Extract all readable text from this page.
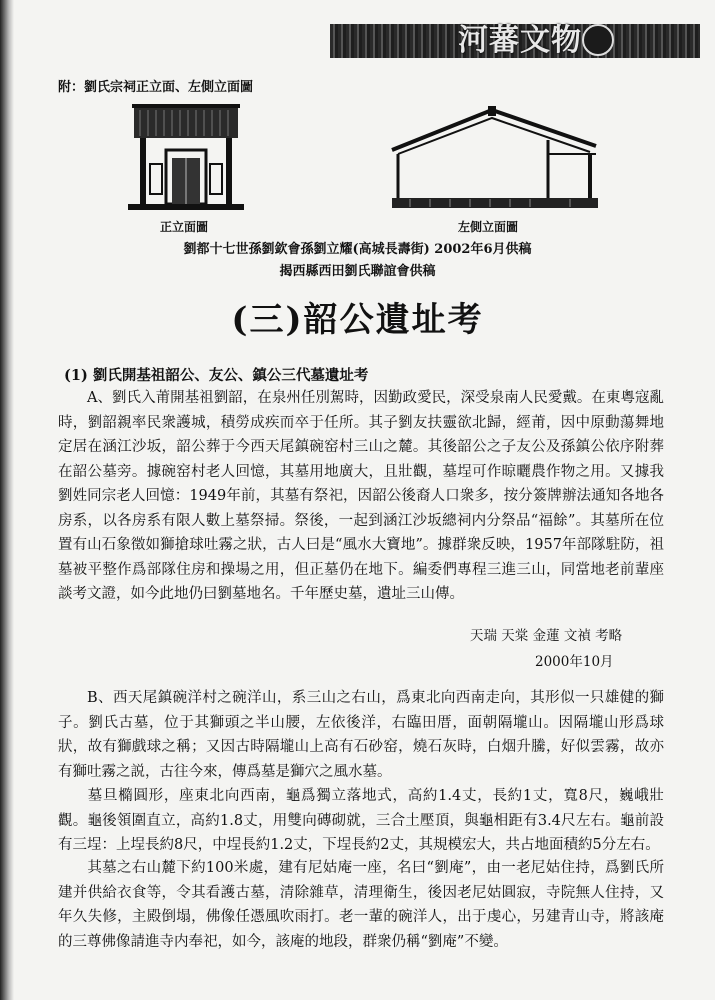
河蕃文物
附：劉氏宗祠正立面、左側立面圖
正立面圖	左側立面圖
劉都十七世孫劉欽會孫劉立耀(高城長壽街) 2002年6月供稿
揭西縣西田劉氏聯誼會供稿
(三)韶公遺址考
(1) 劉氏開基祖韶公、友公、鎮公三代墓遺址考

A、劉氏入莆開基祖劉韶，在泉州任別駕時，因勤政愛民，深受泉南人民愛戴。在東粵寇亂時，劉韶親率民衆護城，積勞成疾而卒于任所。其子劉友扶靈欲北歸，經莆，因中原動蕩舞地定居在涵江沙坂，韶公葬于今西天尾鎮碗窑村三山之麓。其後韶公之子友公及孫鎮公依序附葬在韶公墓旁。據碗窑村老人回憶，其墓用地廣大，且壯觀，墓埕可作晾曬農作物之用。又據我劉姓同宗老人回憶：1949年前，其墓有祭祀，因韶公後裔人口衆多，按分簽牌辦法通知各地各房系，以各房系有限人數上墓祭掃。祭後，一起到涵江沙坂總祠内分祭品“福餘”。其墓所在位置有山石象徵如獅搶球吐霧之狀，古人曰是“風水大寶地”。據群衆反映，1957年部隊駐防，祖墓被平整作爲部隊住房和操場之用，但正墓仍在地下。編委們專程三進三山，同當地老前輩座談考文證，如今此地仍曰劉墓地名。千年歷史墓，遺址三山傳。

天瑞 天棠 金蓮 文禎 考略
2000年10月

B、西天尾鎮碗洋村之碗洋山，系三山之右山，爲東北向西南走向，其形似一只雄健的獅子。劉氏古墓，位于其獅頭之半山腰，左依後洋，右臨田厝，面朝隔壠山。因隔壠山形爲球狀，故有獅戲球之稱；又因古時隔壠山上高有石砂窑，燒石灰時，白烟升騰，好似雲霧，故亦有獅吐霧之説，古往今來，傳爲墓是獅穴之風水墓。

墓旦橢圓形，座東北向西南，龜爲獨立落地式，高約1.4丈，長約1丈，寬8尺，巍峨壯觀。龜後領圍直立，高約1.8丈，用雙向磚砌就，三合土壓頂，與龜相距有3.4尺左右。龜前設有三埕：上埕長約8尺，中埕長約1.2丈，下埕長約2丈，其規模宏大，共占地面積約5分左右。

其墓之右山麓下約100米處，建有尼姑庵一座，名曰“劉庵”，由一老尼姑住持，爲劉氏所建并供給衣食等，令其看護古墓，清除雜草，清理衛生，後因老尼姑圓寂，寺院無人住持，又年久失修，主殿倒塌，佛像任憑風吹雨打。老一輩的碗洋人，出于虔心，另建青山寺，將該庵的三尊佛像請進寺内奉祀，如今，該庵的地段，群衆仍稱“劉庵”不變。
